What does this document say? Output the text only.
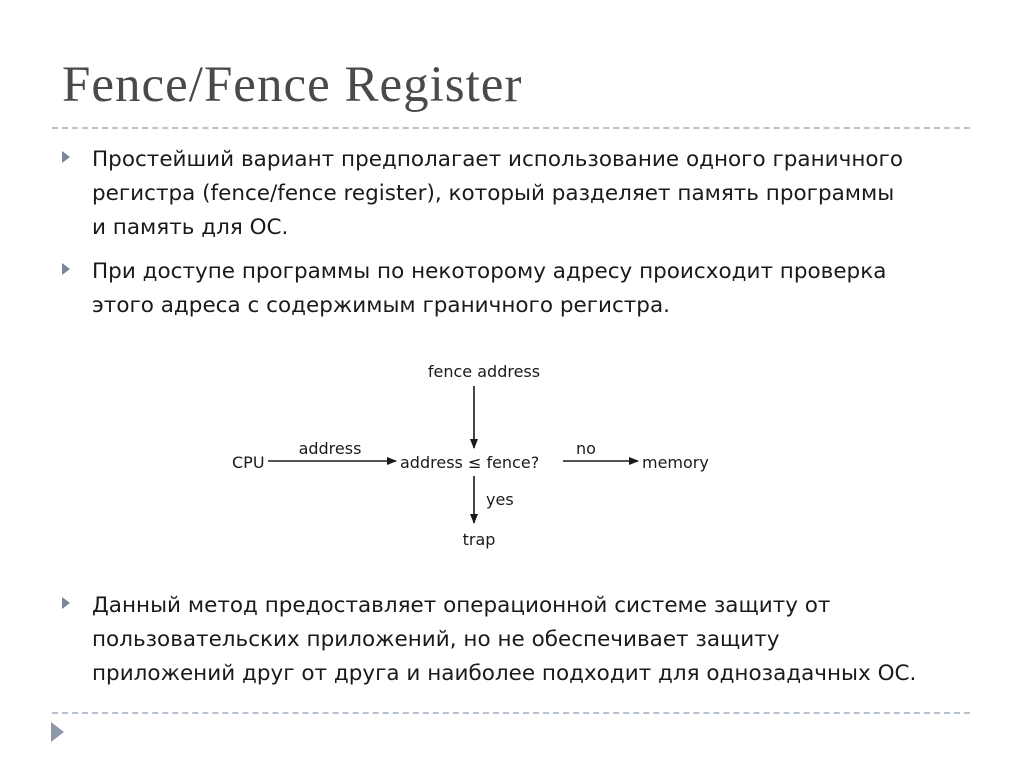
Fence/Fence Register
Простейший вариант предполагает использование одного граничного
регистра (fence/fence register), который разделяет память программы
и память для ОС.
При доступе программы по некоторому адресу происходит проверка
этого адреса с содержимым граничного регистра.
fence address
CPU
address
address ≤ fence?
no
memory
yes
trap
Данный метод предоставляет операционной системе защиту от
пользовательских приложений, но не обеспечивает защиту
приложений друг от друга и наиболее подходит для однозадачных ОС.
